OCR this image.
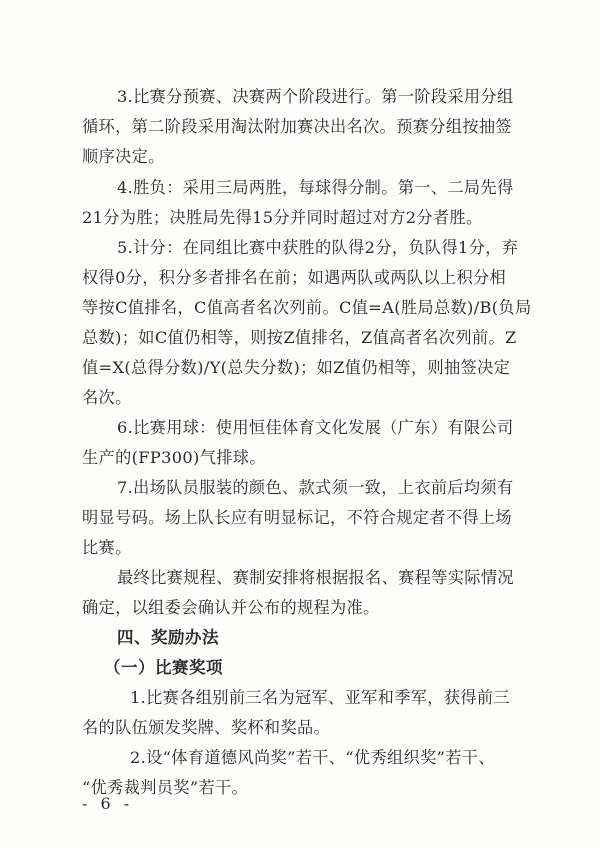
3.比赛分预赛、决赛两个阶段进行。第一阶段采用分组
循环，第二阶段采用淘汰附加赛决出名次。预赛分组按抽签
顺序决定。
4.胜负：采用三局两胜，每球得分制。第一、二局先得
21分为胜；决胜局先得15分并同时超过对方2分者胜。
5.计分：在同组比赛中获胜的队得2分，负队得1分，弃
权得0分，积分多者排名在前；如遇两队或两队以上积分相
等按C值排名，C值高者名次列前。C值=A(胜局总数)/B(负局
总数)；如C值仍相等，则按Z值排名，Z值高者名次列前。Z
值=X(总得分数)/Y(总失分数)；如Z值仍相等，则抽签决定
名次。
6.比赛用球：使用恒佳体育文化发展（广东）有限公司
生产的(FP300)气排球。
7.出场队员服装的颜色、款式须一致，上衣前后均须有
明显号码。场上队长应有明显标记，不符合规定者不得上场
比赛。
最终比赛规程、赛制安排将根据报名、赛程等实际情况
确定，以组委会确认并公布的规程为准。
四、奖励办法
（一）比赛奖项
1.比赛各组别前三名为冠军、亚军和季军，获得前三
名的队伍颁发奖牌、奖杯和奖品。
2.设“体育道德风尚奖”若干、“优秀组织奖”若干、
“优秀裁判员奖”若干。
- 6 -
